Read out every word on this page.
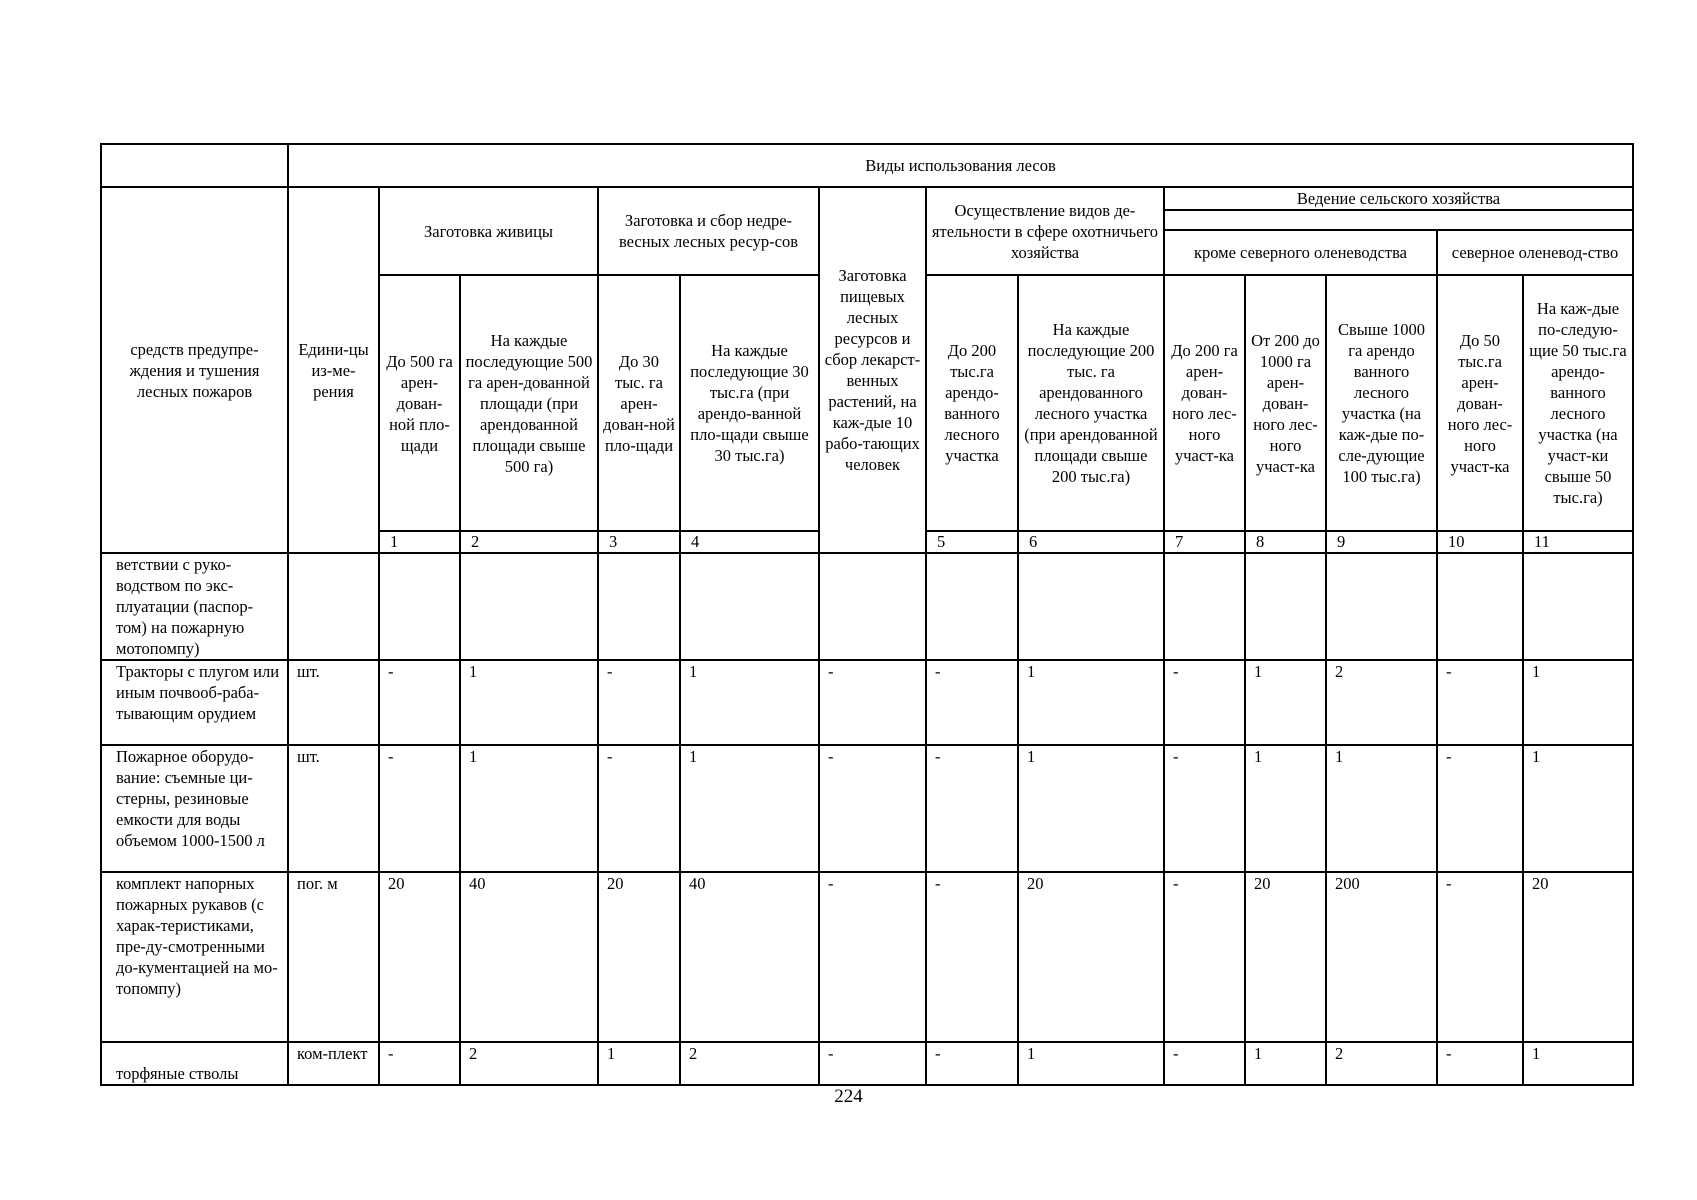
	Виды использования лесов													
средств предупре-ждения и тушения лесных пожаров	Едини-цы из-ме-рения	Заготовка живицы		Заготовка и сбор недре-весных лесных ресур-сов		Заготовка пищевых лесных ресурсов и сбор лекарст-венных растений, на каж-дые 10 рабо-тающих человек	Осуществление видов де-ятельности в сфере охотничьего хозяйства		Ведение сельского хозяйства					

									кроме северного оленеводства			северное оленевод-ство		
		До 500 га арен-дован-ной пло-щади	На каждые последующие 500 га арен-дованной площади (при арендованной площади свыше 500 га)	До 30 тыс. га арен-дован-ной пло-щади	На каждые последующие 30 тыс.га (при арендо-ванной пло-щади свыше 30 тыс.га)		До 200 тыс.га арендо-ванного лесного участка	На каждые последующие 200 тыс. га арендованного лесного участка (при арендованной площади свыше 200 тыс.га)	До 200 га арен-дован-ного лес-ного участ-ка	От 200 до 1000 га арен-дован-ного лес-ного участ-ка	Свыше 1000 га арендо ванного лесного участка (на каж-дые по-сле-дующие 100 тыс.га)	До 50 тыс.га арен-дован-ного лес-ного участ-ка	На каж-дые по-следую-щие 50 тыс.га арендо-ванного лесного участка (на участ-ки свыше 50 тыс.га)	
		1	2	3	4		5	6	7	8	9	10	11			
ветствии с руко-водством по экс-плуатации (паспор-том) на пожарную мотопомпу)														
Тракторы с плугом или иным почвооб-раба-тывающим орудием	шт.	-	1	-	1	-	-	1	-	1	2	-	1	
Пожарное оборудо-вание: съемные ци-стерны, резиновые емкости для воды объемом 1000-1500 л	шт.	-	1	-	1	-	-	1	-	1	1	-	1	
комплект напорных пожарных рукавов (с харак-теристиками, пре-ду-смотренными до-кументацией на мо-топомпу)	пог. м	20	40	20	40	-	-	20	-	20	200	-	20	
торфяные стволы	ком-плект	-	2	1	2	-	-	1	-	1	2	-	1	
224
